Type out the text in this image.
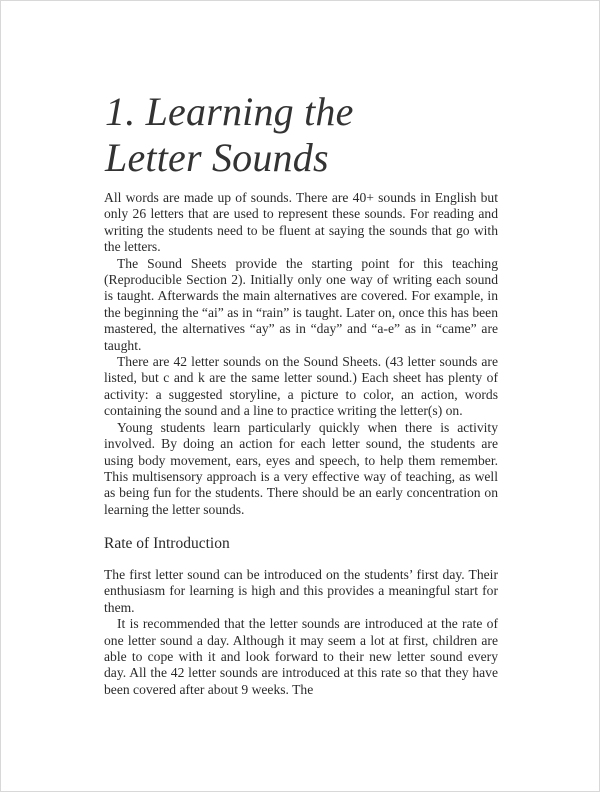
1. Learning the
Letter Sounds

All words are made up of sounds. There are 40+ sounds in English but only 26 letters that are used to represent these sounds. For reading and writing the students need to be fluent at saying the sounds that go with the letters.

The Sound Sheets provide the starting point for this teaching (Reproducible Section 2). Initially only one way of writing each sound is taught. Afterwards the main alternatives are covered. For example, in the beginning the “ai” as in “rain” is taught. Later on, once this has been mastered, the alternatives “ay” as in “day” and “a-e” as in “came” are taught.

There are 42 letter sounds on the Sound Sheets. (43 letter sounds are listed, but c and k are the same letter sound.) Each sheet has plenty of activity: a suggested storyline, a picture to color, an action, words containing the sound and a line to practice writing the letter(s) on.

Young students learn particularly quickly when there is activity involved. By doing an action for each letter sound, the students are using body movement, ears, eyes and speech, to help them remember. This multisensory approach is a very effective way of teaching, as well as being fun for the students. There should be an early concentration on learning the letter sounds.

Rate of Introduction

The first letter sound can be introduced on the students’ first day. Their enthusiasm for learning is high and this provides a meaningful start for them.

It is recommended that the letter sounds are introduced at the rate of one letter sound a day. Although it may seem a lot at first, children are able to cope with it and look forward to their new letter sound every day. All the 42 letter sounds are introduced at this rate so that they have been covered after about 9 weeks. The
